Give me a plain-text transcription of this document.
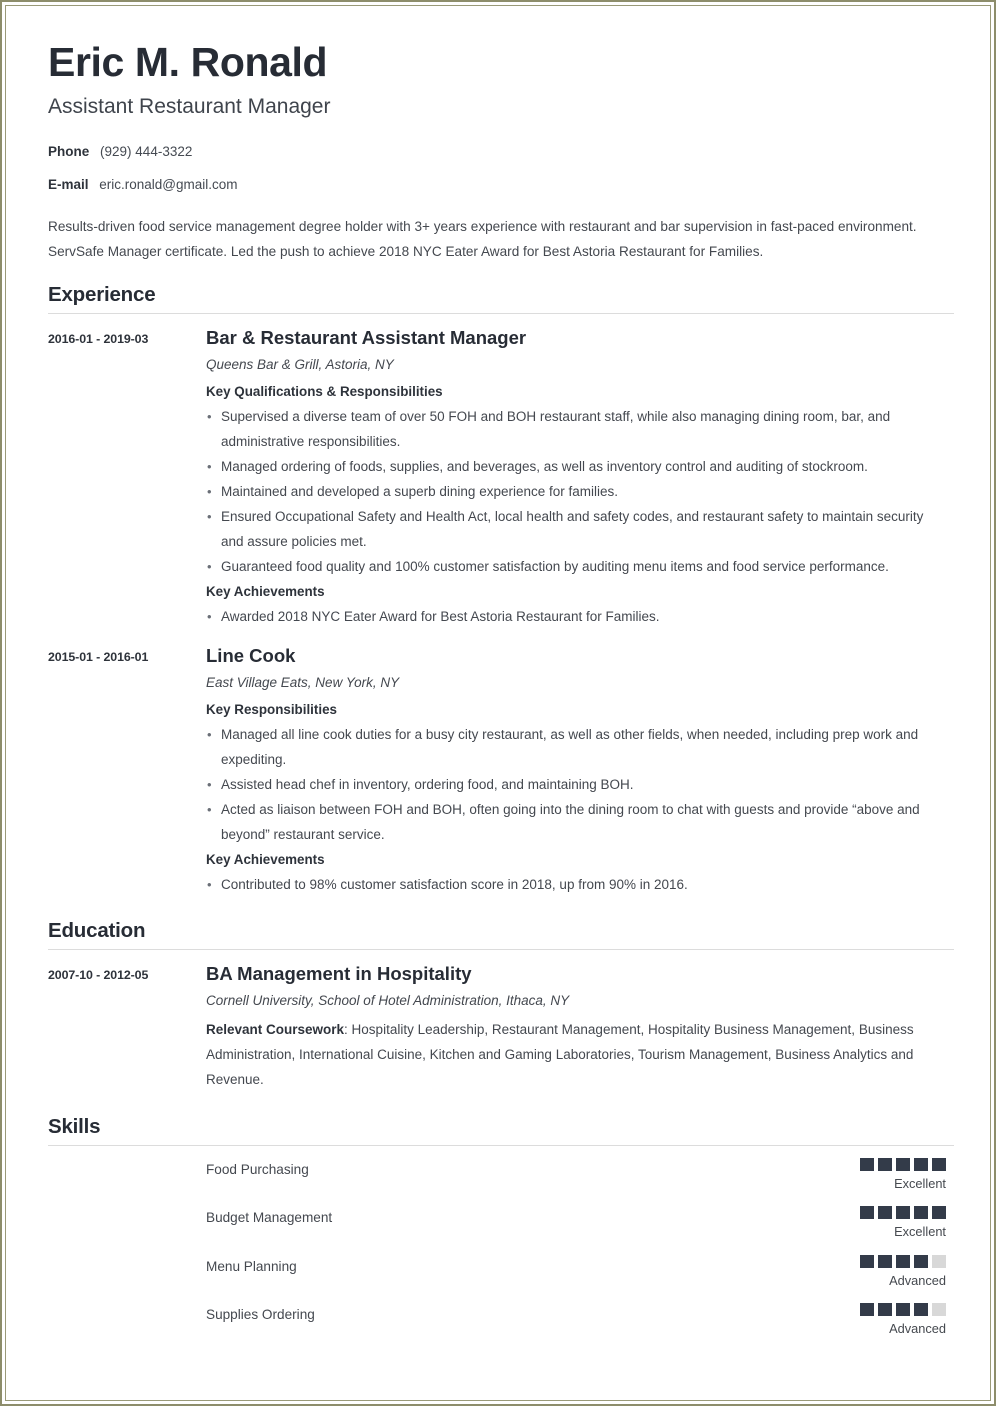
Eric M. Ronald
Assistant Restaurant Manager
Phone (929) 444-3322
E-mail eric.ronald@gmail.com
Results-driven food service management degree holder with 3+ years experience with restaurant and bar supervision in fast-paced environment. ServSafe Manager certificate. Led the push to achieve 2018 NYC Eater Award for Best Astoria Restaurant for Families.
Experience
2016-01 - 2019-03	Bar & Restaurant Assistant Manager
Queens Bar & Grill, Astoria, NY
Key Qualifications & Responsibilities
• Supervised a diverse team of over 50 FOH and BOH restaurant staff, while also managing dining room, bar, and administrative responsibilities.
• Managed ordering of foods, supplies, and beverages, as well as inventory control and auditing of stockroom.
• Maintained and developed a superb dining experience for families.
• Ensured Occupational Safety and Health Act, local health and safety codes, and restaurant safety to maintain security and assure policies met.
• Guaranteed food quality and 100% customer satisfaction by auditing menu items and food service performance.
Key Achievements
• Awarded 2018 NYC Eater Award for Best Astoria Restaurant for Families.
2015-01 - 2016-01	Line Cook
East Village Eats, New York, NY
Key Responsibilities
• Managed all line cook duties for a busy city restaurant, as well as other fields, when needed, including prep work and expediting.
• Assisted head chef in inventory, ordering food, and maintaining BOH.
• Acted as liaison between FOH and BOH, often going into the dining room to chat with guests and provide “above and beyond” restaurant service.
Key Achievements
• Contributed to 98% customer satisfaction score in 2018, up from 90% in 2016.
Education
2007-10 - 2012-05	BA Management in Hospitality
Cornell University, School of Hotel Administration, Ithaca, NY
Relevant Coursework: Hospitality Leadership, Restaurant Management, Hospitality Business Management, Business Administration, International Cuisine, Kitchen and Gaming Laboratories, Tourism Management, Business Analytics and Revenue.
Skills
Food Purchasing
Excellent
Budget Management
Excellent
Menu Planning
Advanced
Supplies Ordering
Advanced
